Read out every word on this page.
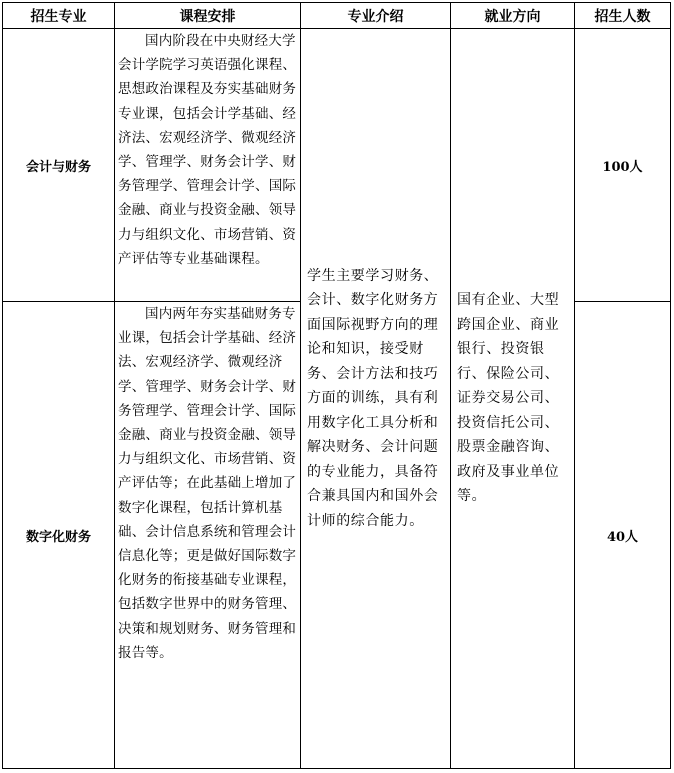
招生专业	课程安排	专业介绍	就业方向	招生人数
会计与财务	国内阶段在中央财经大学会计学院学习英语强化课程、思想政治课程及夯实基础财务专业课，包括会计学基础、经济法、宏观经济学、微观经济学、管理学、财务会计学、财务管理学、管理会计学、国际金融、商业与投资金融、领导力与组织文化、市场营销、资产评估等专业基础课程。	学生主要学习财务、会计、数字化财务方面国际视野方向的理论和知识，接受财务、会计方法和技巧方面的训练，具有利用数字化工具分析和解决财务、会计问题的专业能力，具备符合兼具国内和国外会计师的综合能力。	国有企业、大型跨国企业、商业银行、投资银行、保险公司、证券交易公司、投资信托公司、股票金融咨询、政府及事业单位等。	100人
数字化财务	国内两年夯实基础财务专业课，包括会计学基础、经济法、宏观经济学、微观经济学、管理学、财务会计学、财务管理学、管理会计学、国际金融、商业与投资金融、领导力与组织文化、市场营销、资产评估等；在此基础上增加了数字化课程，包括计算机基础、会计信息系统和管理会计信息化等；更是做好国际数字化财务的衔接基础专业课程，包括数字世界中的财务管理、决策和规划财务、财务管理和报告等。			40人
